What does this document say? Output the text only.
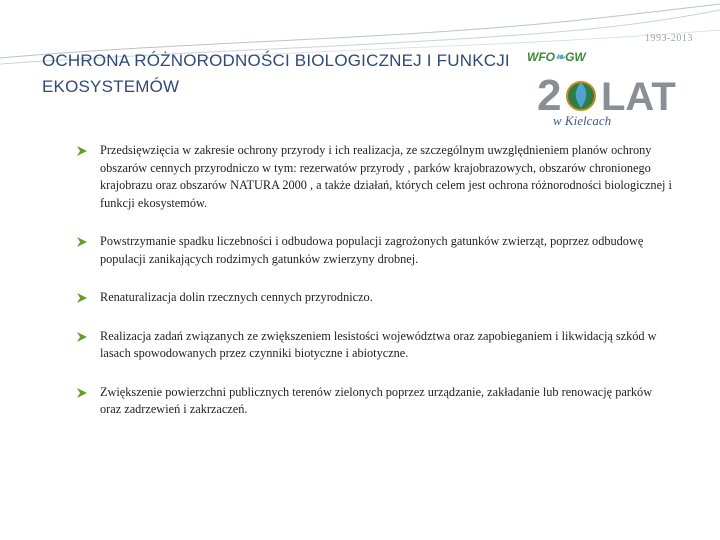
OCHRONA RÓŻNORODNOŚCI BIOLOGICZNEJ I FUNKCJI
EKOSYSTEMÓW
1993-2013
WFO❧GW
2 LAT
w Kielcach
Przedsięwzięcia w zakresie ochrony przyrody i ich realizacja, ze szczególnym uwzględnieniem planów ochrony obszarów cennych przyrodniczo w tym: rezerwatów przyrody , parków krajobrazowych, obszarów chronionego krajobrazu oraz obszarów NATURA 2000 , a także działań, których celem jest ochrona różnorodności biologicznej i funkcji ekosystemów.
Powstrzymanie spadku liczebności i odbudowa populacji zagrożonych gatunków zwierząt, poprzez odbudowę populacji zanikających rodzimych gatunków zwierzyny drobnej.
Renaturalizacja dolin rzecznych cennych przyrodniczo.
Realizacja zadań związanych ze zwiększeniem lesistości województwa oraz zapobieganiem i likwidacją szkód w lasach spowodowanych przez czynniki biotyczne i abiotyczne.
Zwiększenie powierzchni publicznych terenów zielonych poprzez urządzanie, zakładanie lub renowację parków oraz zadrzewień i zakrzaczeń.
